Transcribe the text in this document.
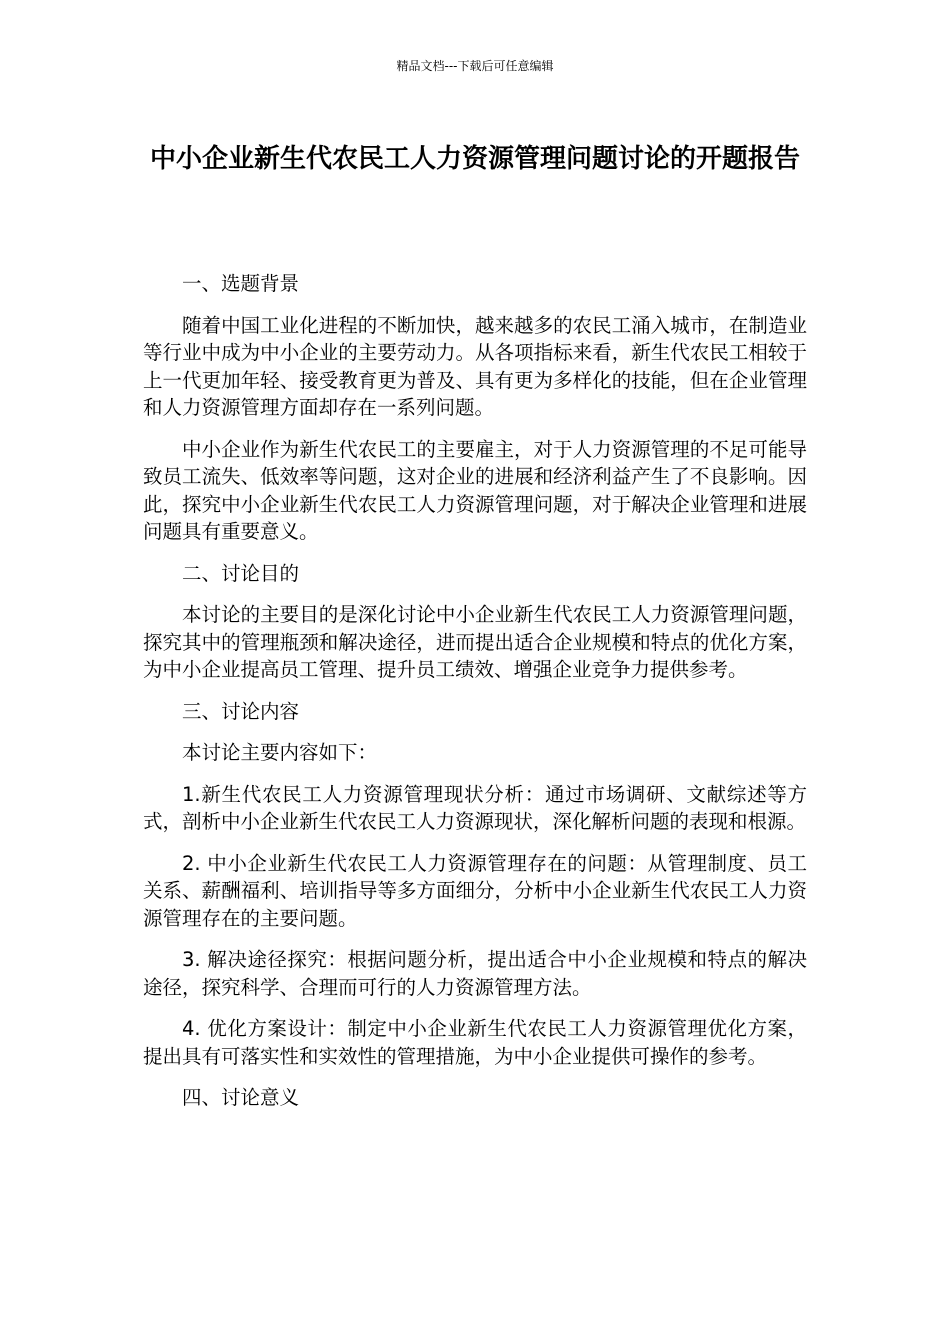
精品文档---下载后可任意编辑
中小企业新生代农民工人力资源管理问题讨论的开题报告

一、选题背景

随着中国工业化进程的不断加快，越来越多的农民工涌入城市，在制造业等行业中成为中小企业的主要劳动力。从各项指标来看，新生代农民工相较于上一代更加年轻、接受教育更为普及、具有更为多样化的技能，但在企业管理和人力资源管理方面却存在一系列问题。

中小企业作为新生代农民工的主要雇主，对于人力资源管理的不足可能导致员工流失、低效率等问题，这对企业的进展和经济利益产生了不良影响。因此，探究中小企业新生代农民工人力资源管理问题，对于解决企业管理和进展问题具有重要意义。

二、讨论目的

本讨论的主要目的是深化讨论中小企业新生代农民工人力资源管理问题，探究其中的管理瓶颈和解决途径，进而提出适合企业规模和特点的优化方案，为中小企业提高员工管理、提升员工绩效、增强企业竞争力提供参考。

三、讨论内容

本讨论主要内容如下：

1.新生代农民工人力资源管理现状分析：通过市场调研、文献综述等方式，剖析中小企业新生代农民工人力资源现状，深化解析问题的表现和根源。

2. 中小企业新生代农民工人力资源管理存在的问题：从管理制度、员工关系、薪酬福利、培训指导等多方面细分，分析中小企业新生代农民工人力资源管理存在的主要问题。

3. 解决途径探究：根据问题分析，提出适合中小企业规模和特点的解决途径，探究科学、合理而可行的人力资源管理方法。

4. 优化方案设计：制定中小企业新生代农民工人力资源管理优化方案，提出具有可落实性和实效性的管理措施，为中小企业提供可操作的参考。

四、讨论意义
